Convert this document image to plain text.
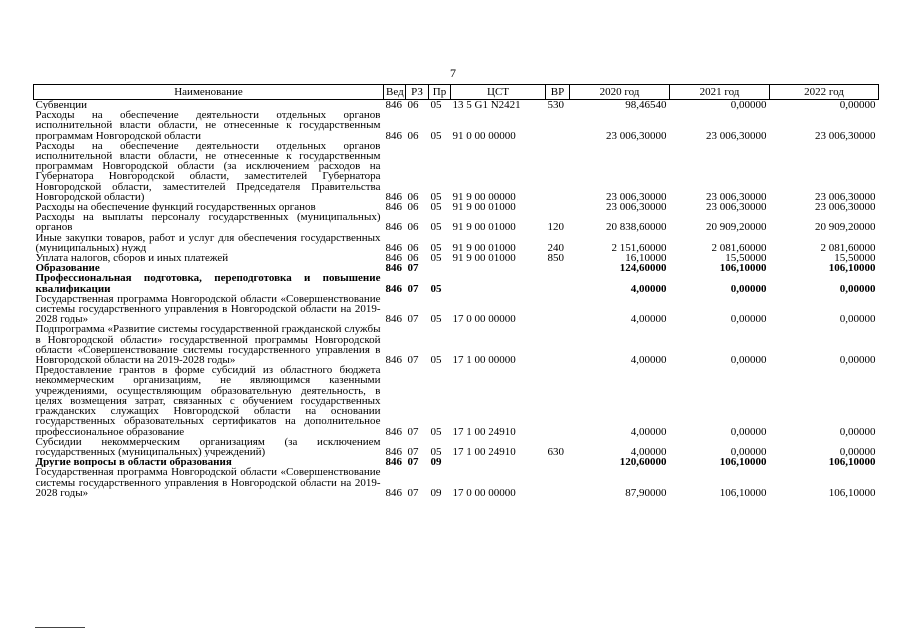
7
Наименование	Вед	РЗ	Пр	ЦСТ	ВР	2020 год	2021 год	2022 год
Субвенции	846	06	05	13 5 G1 N2421	530	98,46540	0,00000	0,00000
Расходы на обеспечение деятельности отдельных органов исполнительной власти области, не отнесенные к государственным программам Новгородской области	846	06	05	91 0 00 00000		23 006,30000	23 006,30000	23 006,30000
Расходы на обеспечение деятельности отдельных органов исполнительной власти области, не отнесенные к государственным программам Новгородской области (за исключением расходов на Губернатора Новгородской области, заместителей Губернатора Новгородской области, заместителей Председателя Правительства Новгородской области)	846	06	05	91 9 00 00000		23 006,30000	23 006,30000	23 006,30000
Расходы на обеспечение функций государственных органов	846	06	05	91 9 00 01000		23 006,30000	23 006,30000	23 006,30000
Расходы на выплаты персоналу государственных (муниципальных) органов	846	06	05	91 9 00 01000	120	20 838,60000	20 909,20000	20 909,20000
Иные закупки товаров, работ и услуг для обеспечения государственных (муниципальных) нужд	846	06	05	91 9 00 01000	240	2 151,60000	2 081,60000	2 081,60000
Уплата налогов, сборов и иных платежей	846	06	05	91 9 00 01000	850	16,10000	15,50000	15,50000
Образование	846	07				124,60000	106,10000	106,10000
Профессиональная подготовка, переподготовка и повышение квалификации	846	07	05			4,00000	0,00000	0,00000
Государственная программа Новгородской области «Совершенствование системы государственного управления в Новгородской области на 2019-2028 годы»	846	07	05	17 0 00 00000		4,00000	0,00000	0,00000
Подпрограмма «Развитие системы государственной гражданской службы в Новгородской области» государственной программы Новгородской области «Совершенствование системы государственного управления в Новгородской области на 2019-2028 годы»	846	07	05	17 1 00 00000		4,00000	0,00000	0,00000
Предоставление грантов в форме субсидий из областного бюджета некоммерческим организациям, не являющимся казенными учреждениями, осуществляющим образовательную деятельность, в целях возмещения затрат, связанных с обучением государственных гражданских служащих Новгородской области на основании государственных образовательных сертификатов на дополнительное профессиональное образование	846	07	05	17 1 00 24910		4,00000	0,00000	0,00000
Субсидии некоммерческим организациям (за исключением государственных (муниципальных) учреждений)	846	07	05	17 1 00 24910	630	4,00000	0,00000	0,00000
Другие вопросы в области образования	846	07	09			120,60000	106,10000	106,10000
Государственная программа Новгородской области «Совершенствование системы государственного управления в Новгородской области на 2019-2028 годы»	846	07	09	17 0 00 00000		87,90000	106,10000	106,10000
